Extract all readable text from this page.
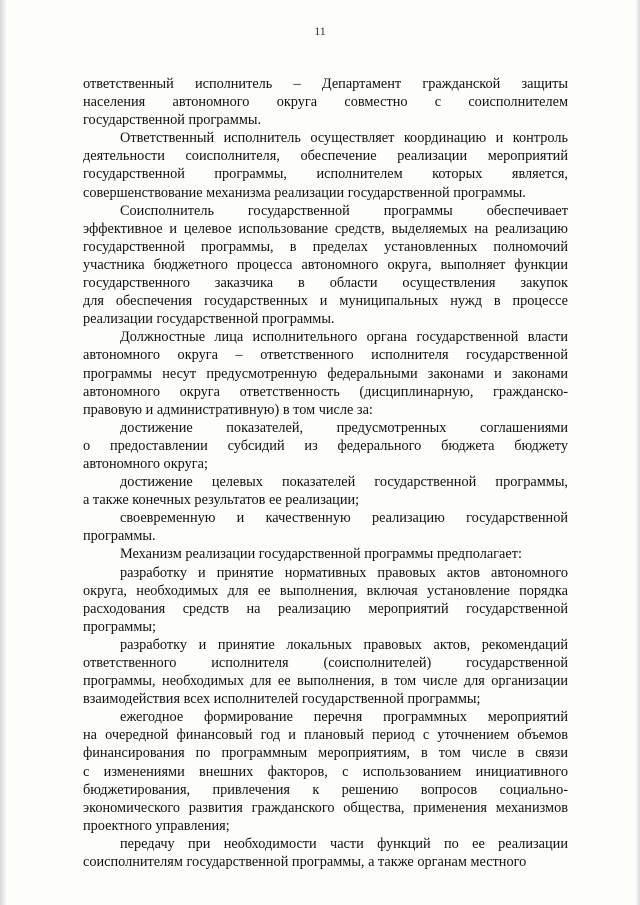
11
ответственный исполнитель – Департамент гражданской защиты
населения автономного округа совместно с соисполнителем
государственной программы.
Ответственный исполнитель осуществляет координацию и контроль
деятельности соисполнителя, обеспечение реализации мероприятий
государственной программы, исполнителем которых является,
совершенствование механизма реализации государственной программы.
Соисполнитель государственной программы обеспечивает
эффективное и целевое использование средств, выделяемых на реализацию
государственной программы, в пределах установленных полномочий
участника бюджетного процесса автономного округа, выполняет функции
государственного заказчика в области осуществления закупок
для обеспечения государственных и муниципальных нужд в процессе
реализации государственной программы.
Должностные лица исполнительного органа государственной власти
автономного округа – ответственного исполнителя государственной
программы несут предусмотренную федеральными законами и законами
автономного округа ответственность (дисциплинарную, гражданско-
правовую и административную) в том числе за:
достижение показателей, предусмотренных соглашениями
о предоставлении субсидий из федерального бюджета бюджету
автономного округа;
достижение целевых показателей государственной программы,
а также конечных результатов ее реализации;
своевременную и качественную реализацию государственной
программы.
Механизм реализации государственной программы предполагает:
разработку и принятие нормативных правовых актов автономного
округа, необходимых для ее выполнения, включая установление порядка
расходования средств на реализацию мероприятий государственной
программы;
разработку и принятие локальных правовых актов, рекомендаций
ответственного исполнителя (соисполнителей) государственной
программы, необходимых для ее выполнения, в том числе для организации
взаимодействия всех исполнителей государственной программы;
ежегодное формирование перечня программных мероприятий
на очередной финансовый год и плановый период с уточнением объемов
финансирования по программным мероприятиям, в том числе в связи
с изменениями внешних факторов, с использованием инициативного
бюджетирования, привлечения к решению вопросов социально-
экономического развития гражданского общества, применения механизмов
проектного управления;
передачу при необходимости части функций по ее реализации
соисполнителям государственной программы, а также органам местного
